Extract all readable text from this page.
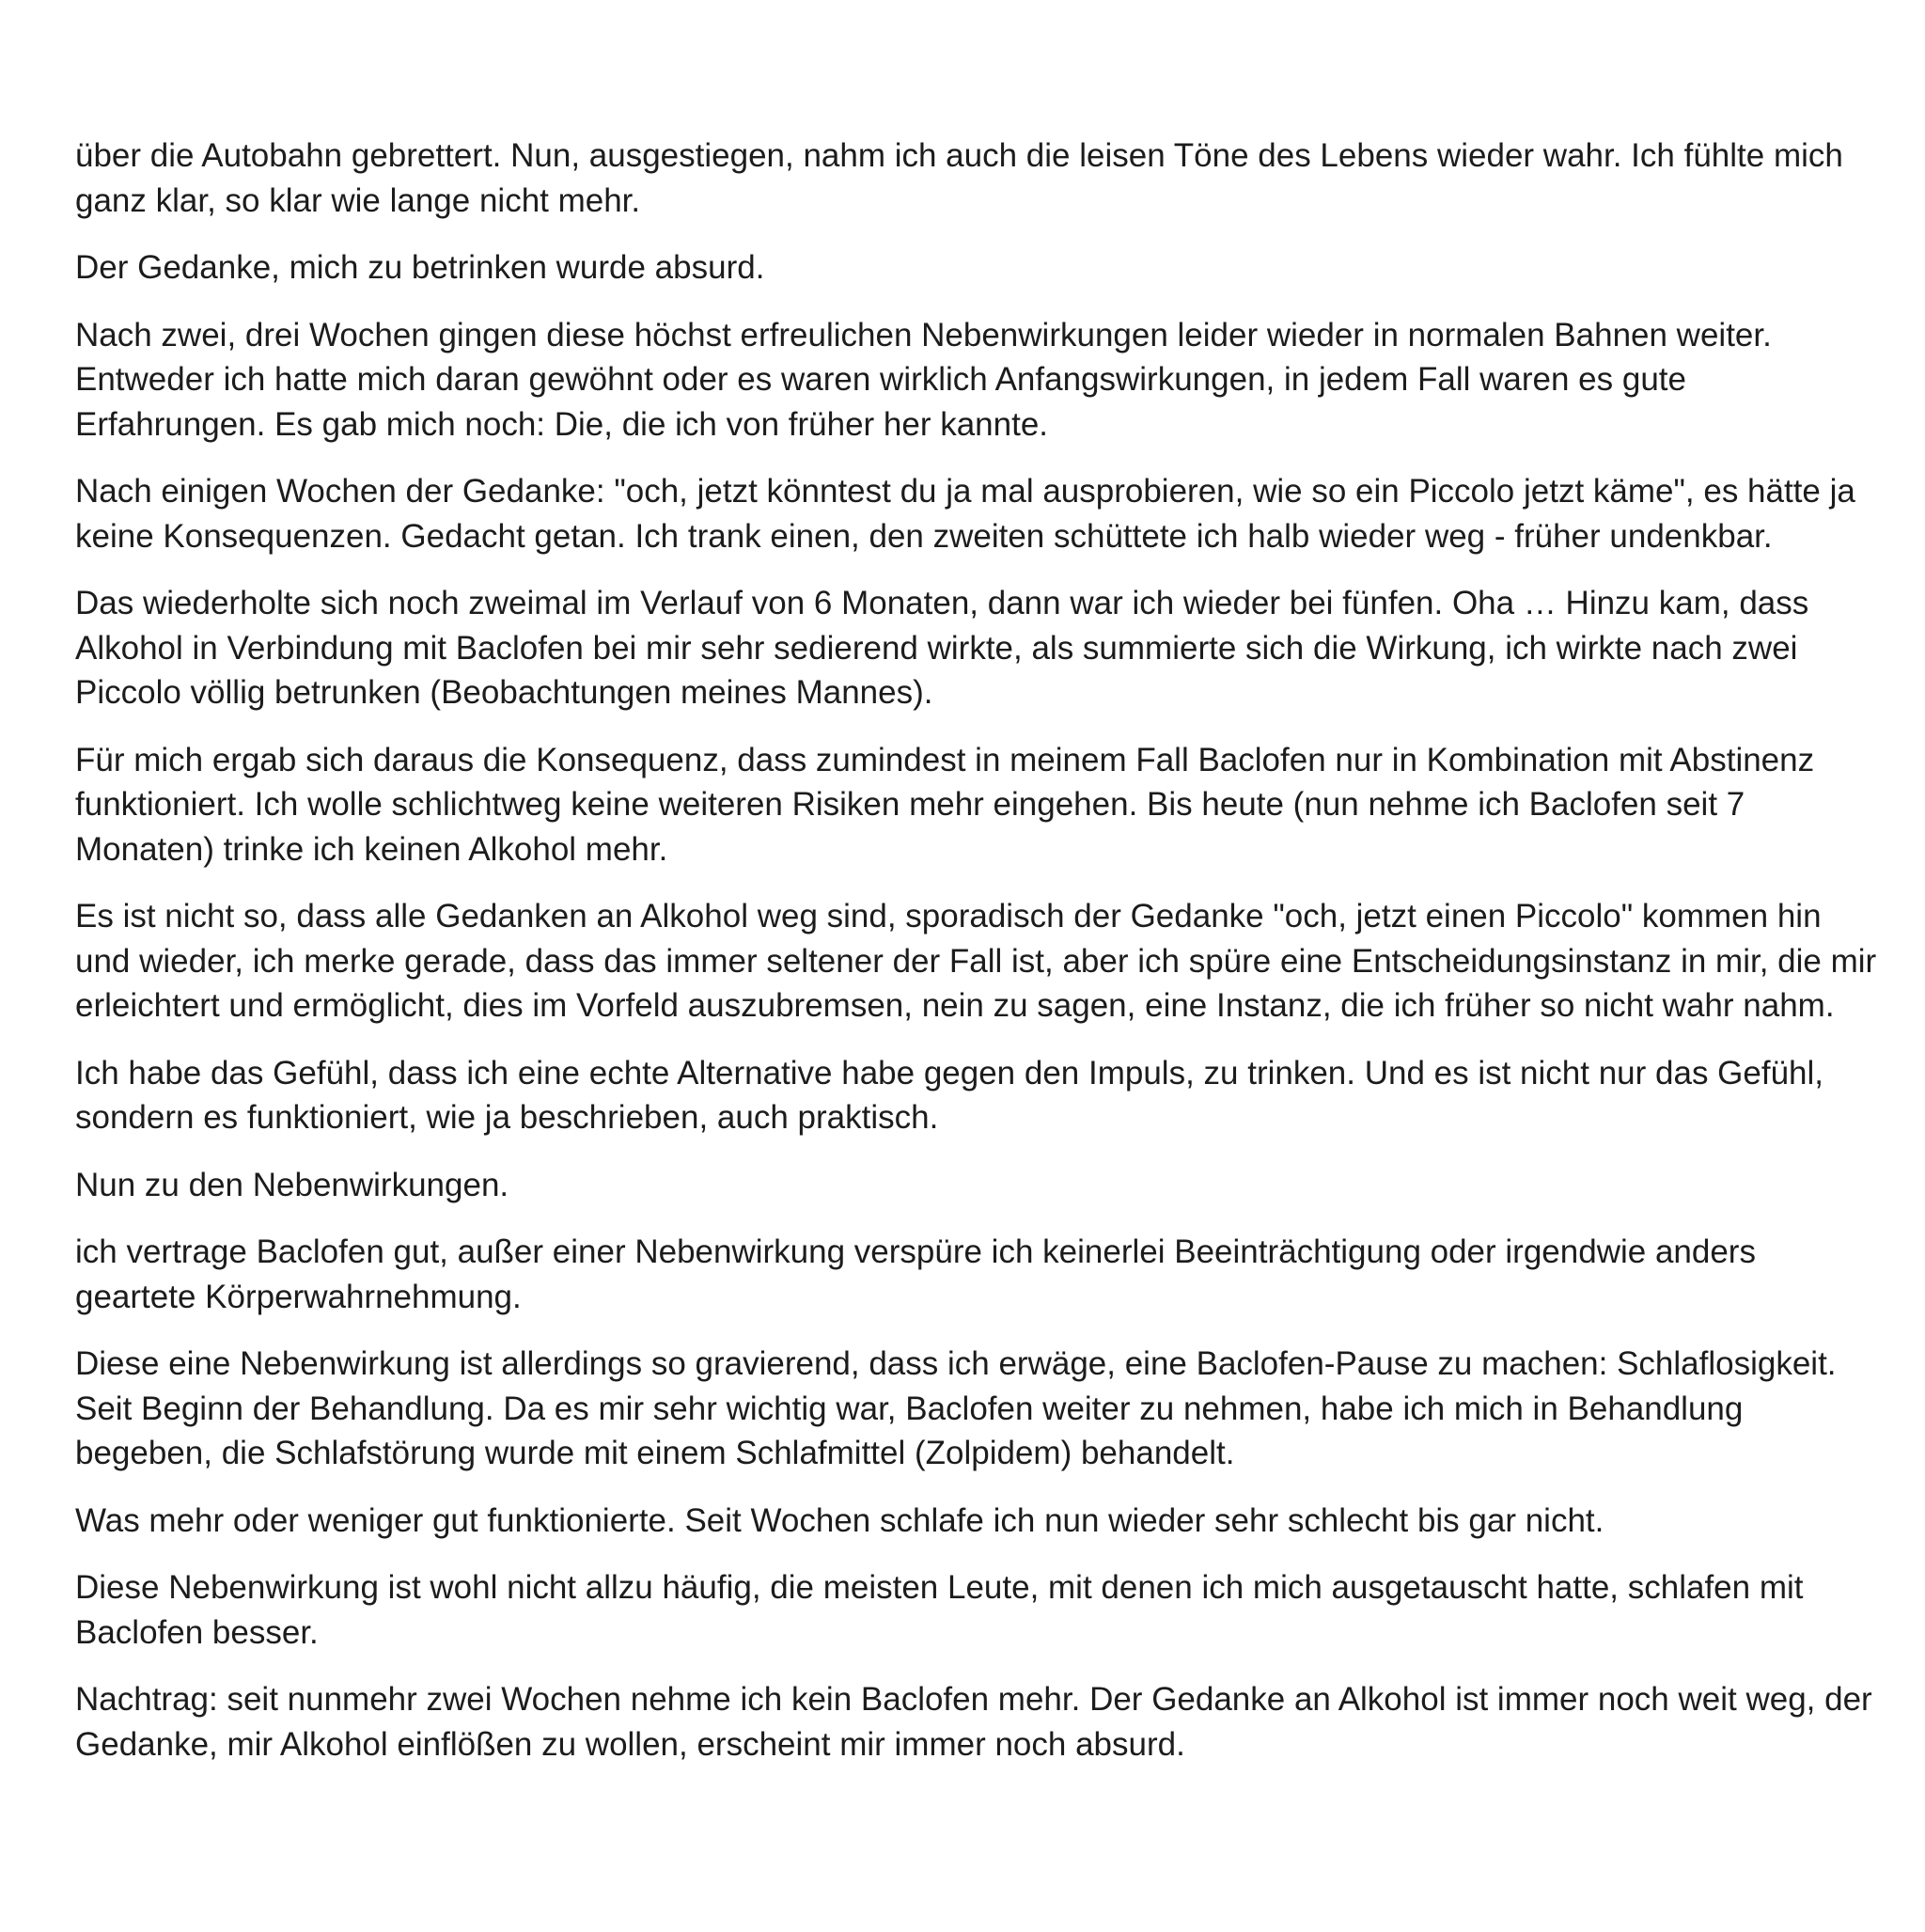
über die Autobahn gebrettert. Nun, ausgestiegen, nahm ich auch die leisen Töne des Lebens wieder wahr. Ich fühlte mich ganz klar, so klar wie lange nicht mehr.

Der Gedanke, mich zu betrinken wurde absurd.

Nach zwei, drei Wochen gingen diese höchst erfreulichen Nebenwirkungen leider wieder in normalen Bahnen weiter. Entweder ich hatte mich daran gewöhnt oder es waren wirklich Anfangswirkungen, in jedem Fall waren es gute Erfahrungen. Es gab mich noch: Die, die ich von früher her kannte.

Nach einigen Wochen der Gedanke: "och, jetzt könntest du ja mal ausprobieren, wie so ein Piccolo jetzt käme", es hätte ja keine Konsequenzen. Gedacht getan. Ich trank einen, den zweiten schüttete ich halb wieder weg - früher undenkbar.

Das wiederholte sich noch zweimal im Verlauf von 6 Monaten, dann war ich wieder bei fünfen. Oha … Hinzu kam, dass Alkohol in Verbindung mit Baclofen bei mir sehr sedierend wirkte, als summierte sich die Wirkung, ich wirkte nach zwei Piccolo völlig betrunken (Beobachtungen meines Mannes).

Für mich ergab sich daraus die Konsequenz, dass zumindest in meinem Fall Baclofen nur in Kombination mit Abstinenz funktioniert. Ich wolle schlichtweg keine weiteren Risiken mehr eingehen. Bis heute (nun nehme ich Baclofen seit 7 Monaten) trinke ich keinen Alkohol mehr.

Es ist nicht so, dass alle Gedanken an Alkohol weg sind, sporadisch der Gedanke "och, jetzt einen Piccolo" kommen hin und wieder, ich merke gerade, dass das immer seltener der Fall ist, aber ich spüre eine Entscheidungsinstanz in mir, die mir erleichtert und ermöglicht, dies im Vorfeld auszubremsen, nein zu sagen, eine Instanz, die ich früher so nicht wahr nahm.

Ich habe das Gefühl, dass ich eine echte Alternative habe gegen den Impuls, zu trinken. Und es ist nicht nur das Gefühl, sondern es funktioniert, wie ja beschrieben, auch praktisch.

Nun zu den Nebenwirkungen.

ich vertrage Baclofen gut, außer einer Nebenwirkung verspüre ich keinerlei Beeinträchtigung oder irgendwie anders geartete Körperwahrnehmung.

Diese eine Nebenwirkung ist allerdings so gravierend, dass ich erwäge, eine Baclofen-Pause zu machen: Schlaflosigkeit. Seit Beginn der Behandlung. Da es mir sehr wichtig war, Baclofen weiter zu nehmen, habe ich mich in Behandlung begeben, die Schlafstörung wurde mit einem Schlafmittel (Zolpidem) behandelt.

Was mehr oder weniger gut funktionierte. Seit Wochen schlafe ich nun wieder sehr schlecht bis gar nicht.

Diese Nebenwirkung ist wohl nicht allzu häufig, die meisten Leute, mit denen ich mich ausgetauscht hatte, schlafen mit Baclofen besser.

Nachtrag: seit nunmehr zwei Wochen nehme ich kein Baclofen mehr. Der Gedanke an Alkohol ist immer noch weit weg, der Gedanke, mir Alkohol einflößen zu wollen, erscheint mir immer noch absurd.
